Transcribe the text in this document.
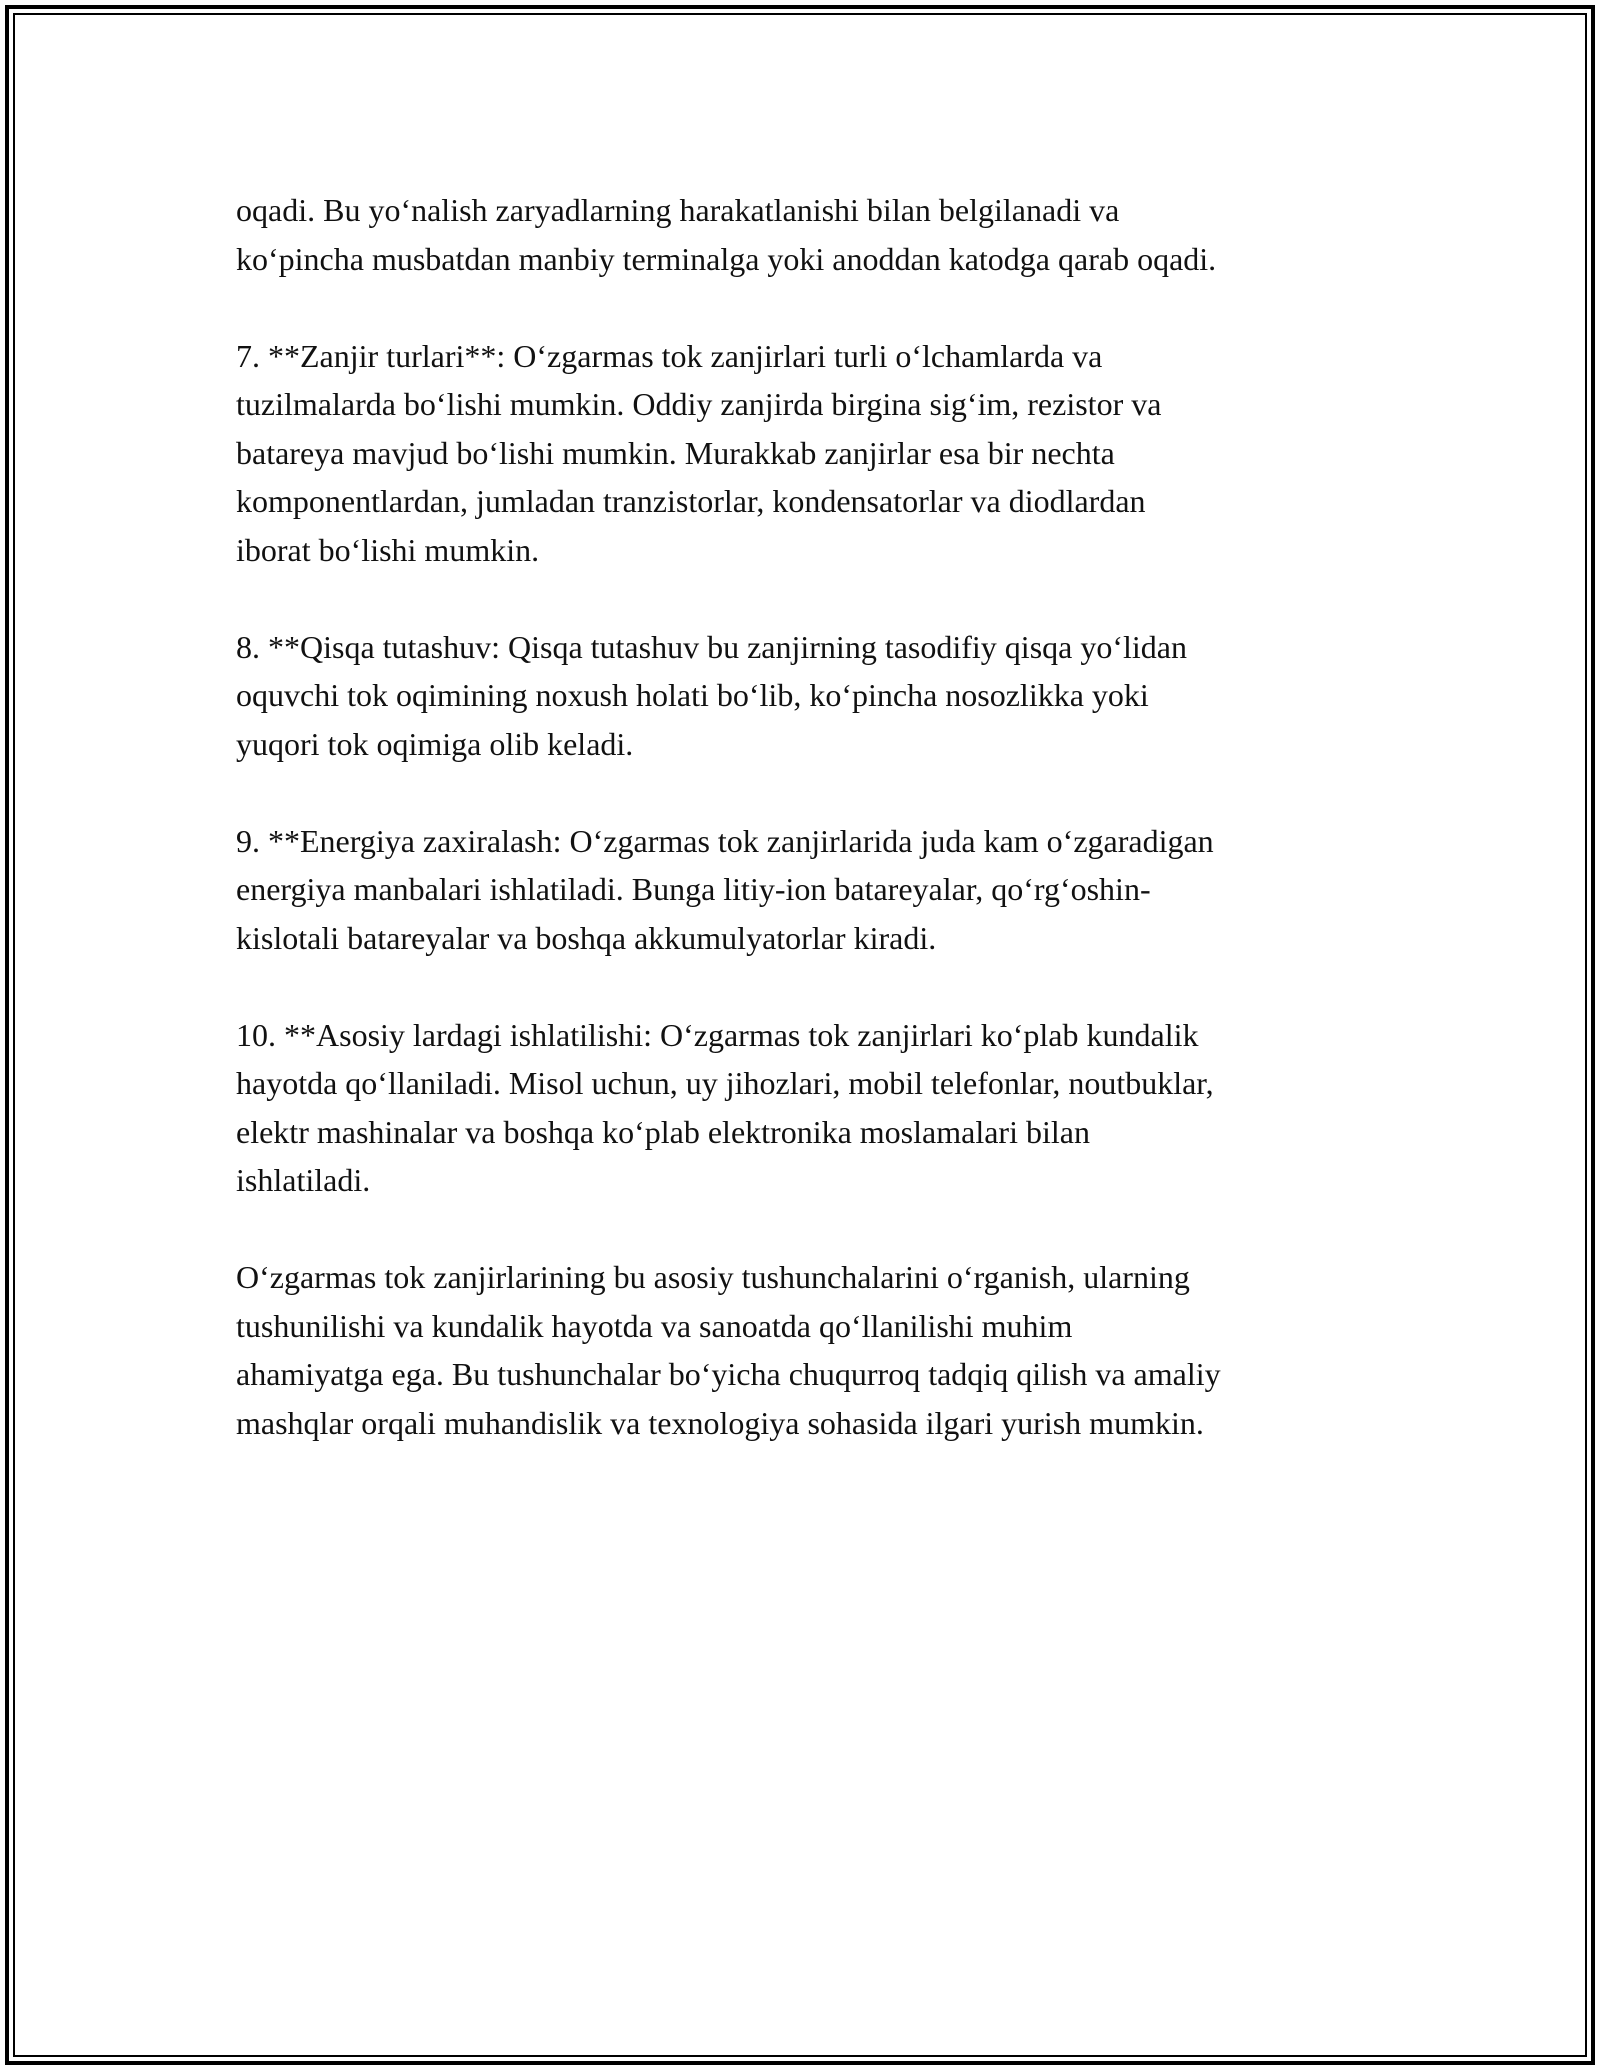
oqadi. Bu yo‘nalish zaryadlarning harakatlanishi bilan belgilanadi va
ko‘pincha musbatdan manbiy terminalga yoki anoddan katodga qarab oqadi.
7. **Zanjir turlari**: O‘zgarmas tok zanjirlari turli o‘lchamlarda va
tuzilmalarda bo‘lishi mumkin. Oddiy zanjirda birgina sig‘im, rezistor va
batareya mavjud bo‘lishi mumkin. Murakkab zanjirlar esa bir nechta
komponentlardan, jumladan tranzistorlar, kondensatorlar va diodlardan
iborat bo‘lishi mumkin.
8. **Qisqa tutashuv: Qisqa tutashuv bu zanjirning tasodifiy qisqa yo‘lidan
oquvchi tok oqimining noxush holati bo‘lib, ko‘pincha nosozlikka yoki
yuqori tok oqimiga olib keladi.
9. **Energiya zaxiralash: O‘zgarmas tok zanjirlarida juda kam o‘zgaradigan
energiya manbalari ishlatiladi. Bunga litiy-ion batareyalar, qo‘rg‘oshin-
kislotali batareyalar va boshqa akkumulyatorlar kiradi.
10. **Asosiy lardagi ishlatilishi: O‘zgarmas tok zanjirlari ko‘plab kundalik
hayotda qo‘llaniladi. Misol uchun, uy jihozlari, mobil telefonlar, noutbuklar,
elektr mashinalar va boshqa ko‘plab elektronika moslamalari bilan
ishlatiladi.
O‘zgarmas tok zanjirlarining bu asosiy tushunchalarini o‘rganish, ularning
tushunilishi va kundalik hayotda va sanoatda qo‘llanilishi muhim
ahamiyatga ega. Bu tushunchalar bo‘yicha chuqurroq tadqiq qilish va amaliy
mashqlar orqali muhandislik va texnologiya sohasida ilgari yurish mumkin.
